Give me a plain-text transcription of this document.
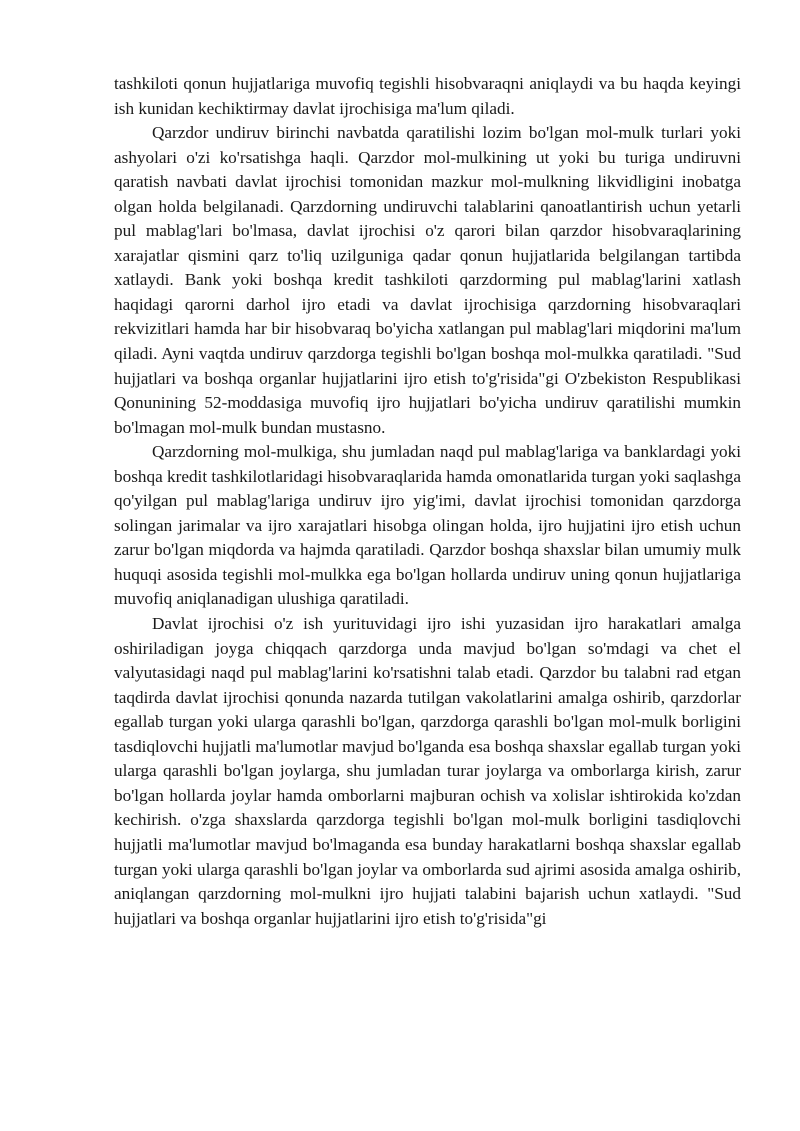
tashkiloti qonun hujjatlariga muvofiq tegishli hisobvaraqni aniqlaydi va bu haqda keyingi ish kunidan kechiktirmay davlat ijrochisiga ma'lum qiladi.

Qarzdor undiruv birinchi navbatda qaratilishi lozim bo'lgan mol-mulk turlari yoki ashyolari o'zi ko'rsatishga haqli. Qarzdor mol-mulkining ut yoki bu turiga undiruvni qaratish navbati davlat ijrochisi tomonidan mazkur mol-mulkning likvidligini inobatga olgan holda belgilanadi. Qarzdorning undiruvchi talablarini qanoatlantirish uchun yetarli pul mablag'lari bo'lmasa, davlat ijrochisi o'z qarori bilan qarzdor hisobvaraqlarining xarajatlar qismini qarz to'liq uzilguniga qadar qonun hujjatlarida belgilangan tartibda xatlaydi. Bank yoki boshqa kredit tashkiloti qarzdorming pul mablag'larini xatlash haqidagi qarorni darhol ijro etadi va davlat ijrochisiga qarzdorning hisobvaraqlari rekvizitlari hamda har bir hisobvaraq bo'yicha xatlangan pul mablag'lari miqdorini ma'lum qiladi. Ayni vaqtda undiruv qarzdorga tegishli bo'lgan boshqa mol-mulkka qaratiladi. "Sud hujjatlari va boshqa organlar hujjatlarini ijro etish to'g'risida"gi O'zbekiston Respublikasi Qonunining 52-moddasiga muvofiq ijro hujjatlari bo'yicha undiruv qaratilishi mumkin bo'lmagan mol-mulk bundan mustasno.

Qarzdorning mol-mulkiga, shu jumladan naqd pul mablag'lariga va banklardagi yoki boshqa kredit tashkilotlaridagi hisobvaraqlarida hamda omonatlarida turgan yoki saqlashga qo'yilgan pul mablag'lariga undiruv ijro yig'imi, davlat ijrochisi tomonidan qarzdorga solingan jarimalar va ijro xarajatlari hisobga olingan holda, ijro hujjatini ijro etish uchun zarur bo'lgan miqdorda va hajmda qaratiladi. Qarzdor boshqa shaxslar bilan umumiy mulk huquqi asosida tegishli mol-mulkka ega bo'lgan hollarda undiruv uning qonun hujjatlariga muvofiq aniqlanadigan ulushiga qaratiladi.

Davlat ijrochisi o'z ish yurituvidagi ijro ishi yuzasidan ijro harakatlari amalga oshiriladigan joyga chiqqach qarzdorga unda mavjud bo'lgan so'mdagi va chet el valyutasidagi naqd pul mablag'larini ko'rsatishni talab etadi. Qarzdor bu talabni rad etgan taqdirda davlat ijrochisi qonunda nazarda tutilgan vakolatlarini amalga oshirib, qarzdorlar egallab turgan yoki ularga qarashli bo'lgan, qarzdorga qarashli bo'lgan mol-mulk borligini tasdiqlovchi hujjatli ma'lumotlar mavjud bo'lganda esa boshqa shaxslar egallab turgan yoki ularga qarashli bo'lgan joylarga, shu jumladan turar joylarga va omborlarga kirish, zarur bo'lgan hollarda joylar hamda omborlarni majburan ochish va xolislar ishtirokida ko'zdan kechirish. o'zga shaxslarda qarzdorga tegishli bo'lgan mol-mulk borligini tasdiqlovchi hujjatli ma'lumotlar mavjud bo'lmaganda esa bunday harakatlarni boshqa shaxslar egallab turgan yoki ularga qarashli bo'lgan joylar va omborlarda sud ajrimi asosida amalga oshirib, aniqlangan qarzdorning mol-mulkni ijro hujjati talabini bajarish uchun xatlaydi. "Sud hujjatlari va boshqa organlar hujjatlarini ijro etish to'g'risida"gi
